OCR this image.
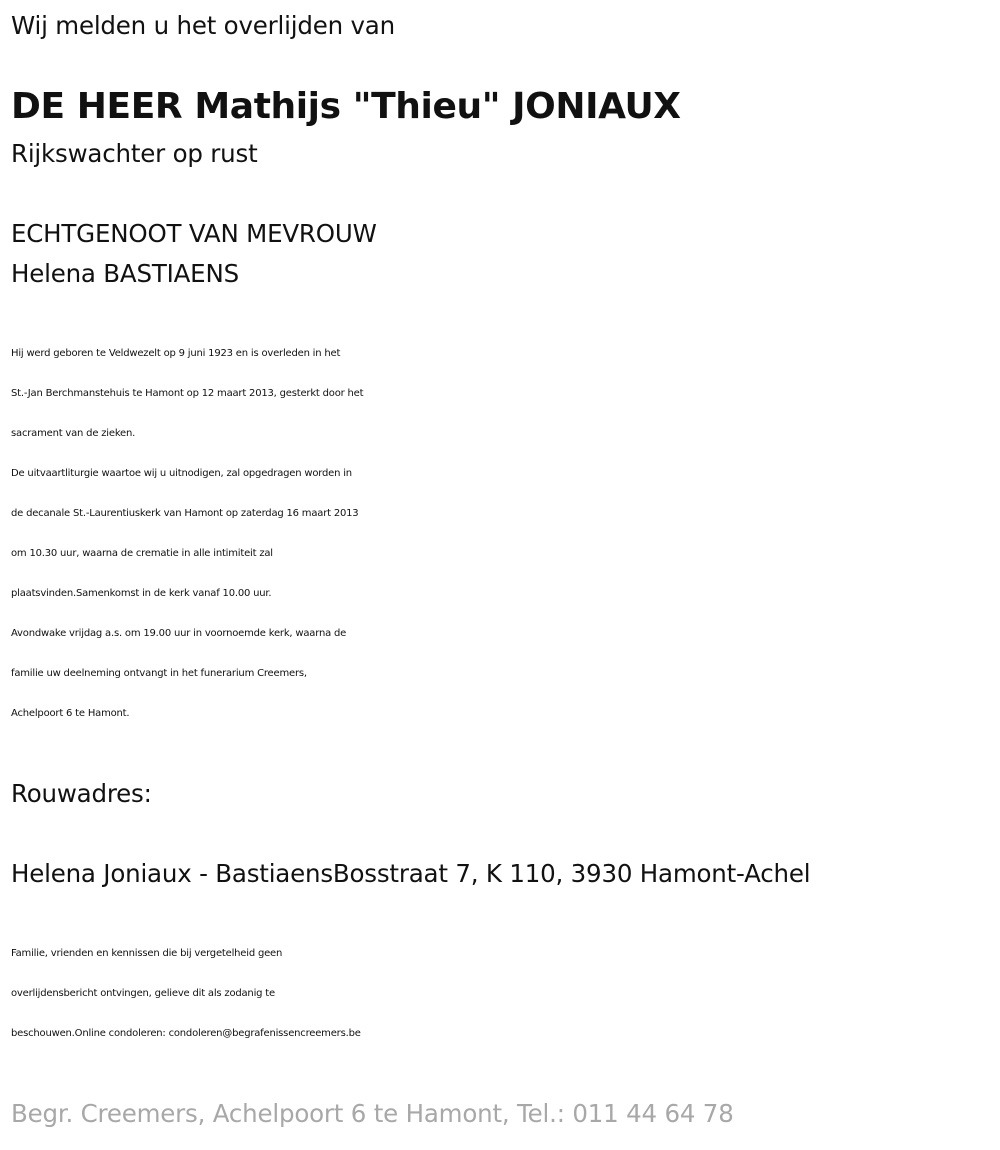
Wij melden u het overlijden van
DE HEER Mathijs "Thieu" JONIAUX
Rijkswachter op rust
ECHTGENOOT VAN MEVROUW
Helena BASTIAENS
Hij werd geboren te Veldwezelt op 9 juni 1923 en is overleden in het
St.-Jan Berchmanstehuis te Hamont op 12 maart 2013, gesterkt door het
sacrament van de zieken.
De uitvaartliturgie waartoe wij u uitnodigen, zal opgedragen worden in
de decanale St.-Laurentiuskerk van Hamont op zaterdag 16 maart 2013
om 10.30 uur, waarna de crematie in alle intimiteit zal
plaatsvinden.Samenkomst in de kerk vanaf 10.00 uur.
Avondwake vrijdag a.s. om 19.00 uur in voornoemde kerk, waarna de
familie uw deelneming ontvangt in het funerarium Creemers,
Achelpoort 6 te Hamont.
Rouwadres:
Helena Joniaux - BastiaensBosstraat 7, K 110, 3930 Hamont-Achel
Familie, vrienden en kennissen die bij vergetelheid geen
overlijdensbericht ontvingen, gelieve dit als zodanig te
beschouwen.Online condoleren: condoleren@begrafenissencreemers.be
Begr. Creemers, Achelpoort 6 te Hamont, Tel.: 011 44 64 78
